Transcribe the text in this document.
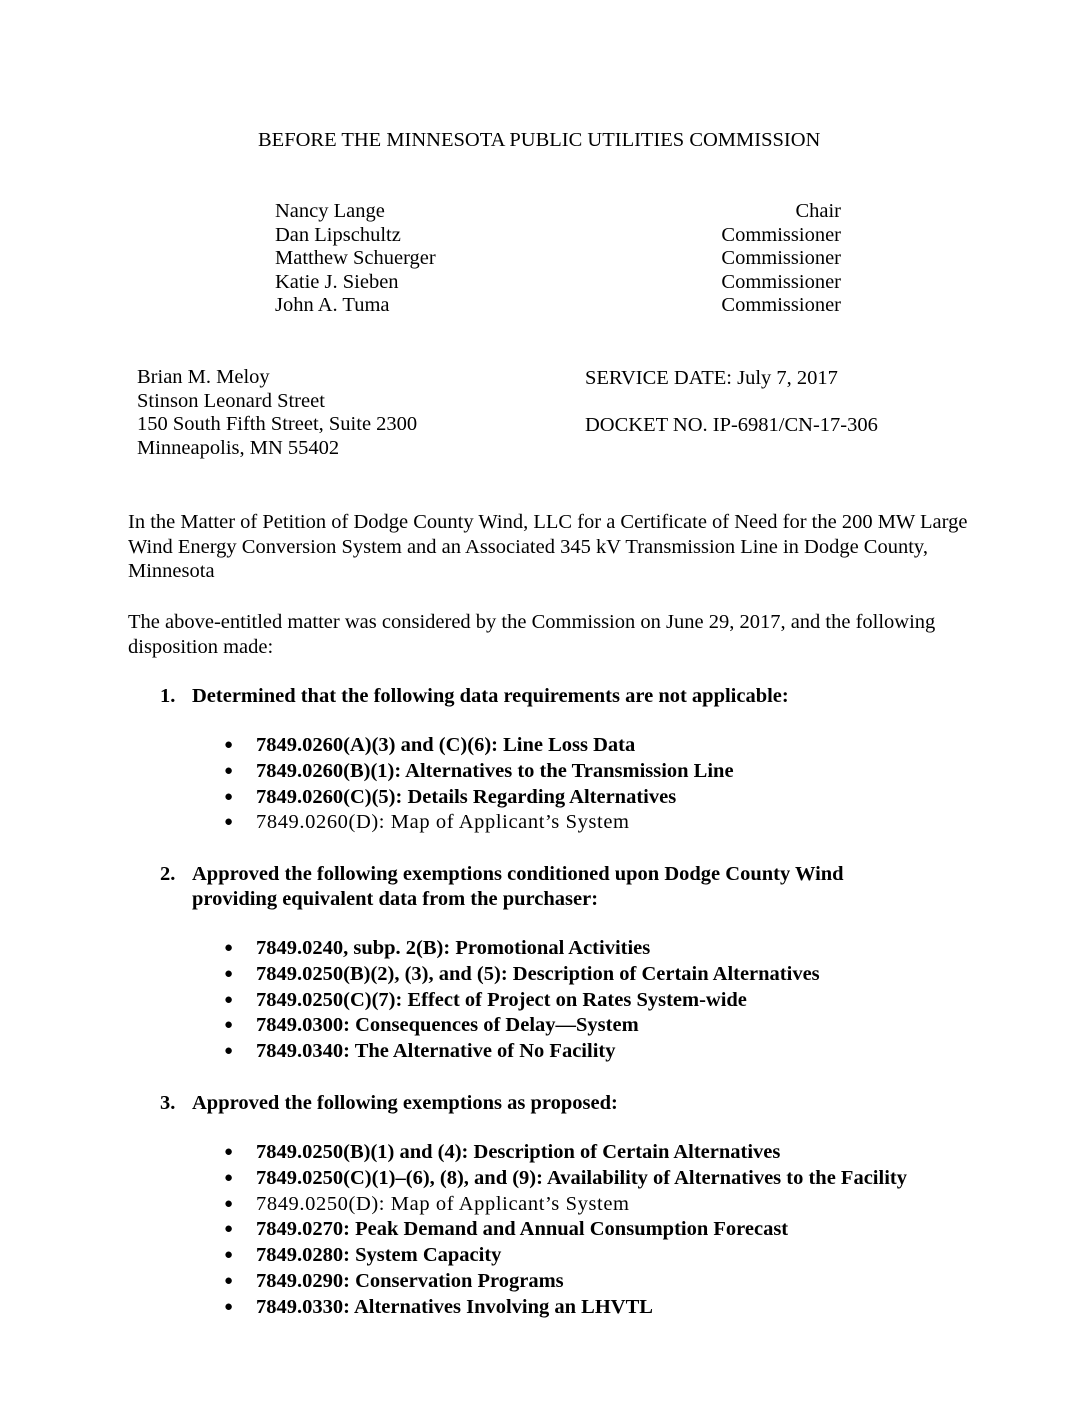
BEFORE THE MINNESOTA PUBLIC UTILITIES COMMISSION
Nancy Lange	Chair
Dan Lipschultz	Commissioner
Matthew Schuerger	Commissioner
Katie J. Sieben	Commissioner
John A. Tuma	Commissioner
Brian M. Meloy
Stinson Leonard Street
150 South Fifth Street, Suite 2300
Minneapolis, MN 55402
SERVICE DATE: July 7, 2017
DOCKET NO. IP-6981/CN-17-306
In the Matter of Petition of Dodge County Wind, LLC for a Certificate of Need for the 200 MW Large Wind Energy Conversion System and an Associated 345 kV Transmission Line in Dodge County, Minnesota
The above-entitled matter was considered by the Commission on June 29, 2017, and the following disposition made:
1. Determined that the following data requirements are not applicable:
●	7849.0260(A)(3) and (C)(6): Line Loss Data
●	7849.0260(B)(1): Alternatives to the Transmission Line
●	7849.0260(C)(5): Details Regarding Alternatives
●	7849.0260(D): Map of Applicant’s System
2. Approved the following exemptions conditioned upon Dodge County Wind providing equivalent data from the purchaser:
●	7849.0240, subp. 2(B): Promotional Activities
●	7849.0250(B)(2), (3), and (5): Description of Certain Alternatives
●	7849.0250(C)(7): Effect of Project on Rates System-wide
●	7849.0300: Consequences of Delay—System
●	7849.0340: The Alternative of No Facility
3. Approved the following exemptions as proposed:
●	7849.0250(B)(1) and (4): Description of Certain Alternatives
●	7849.0250(C)(1)–(6), (8), and (9): Availability of Alternatives to the Facility
●	7849.0250(D): Map of Applicant’s System
●	7849.0270: Peak Demand and Annual Consumption Forecast
●	7849.0280: System Capacity
●	7849.0290: Conservation Programs
●	7849.0330: Alternatives Involving an LHVTL
